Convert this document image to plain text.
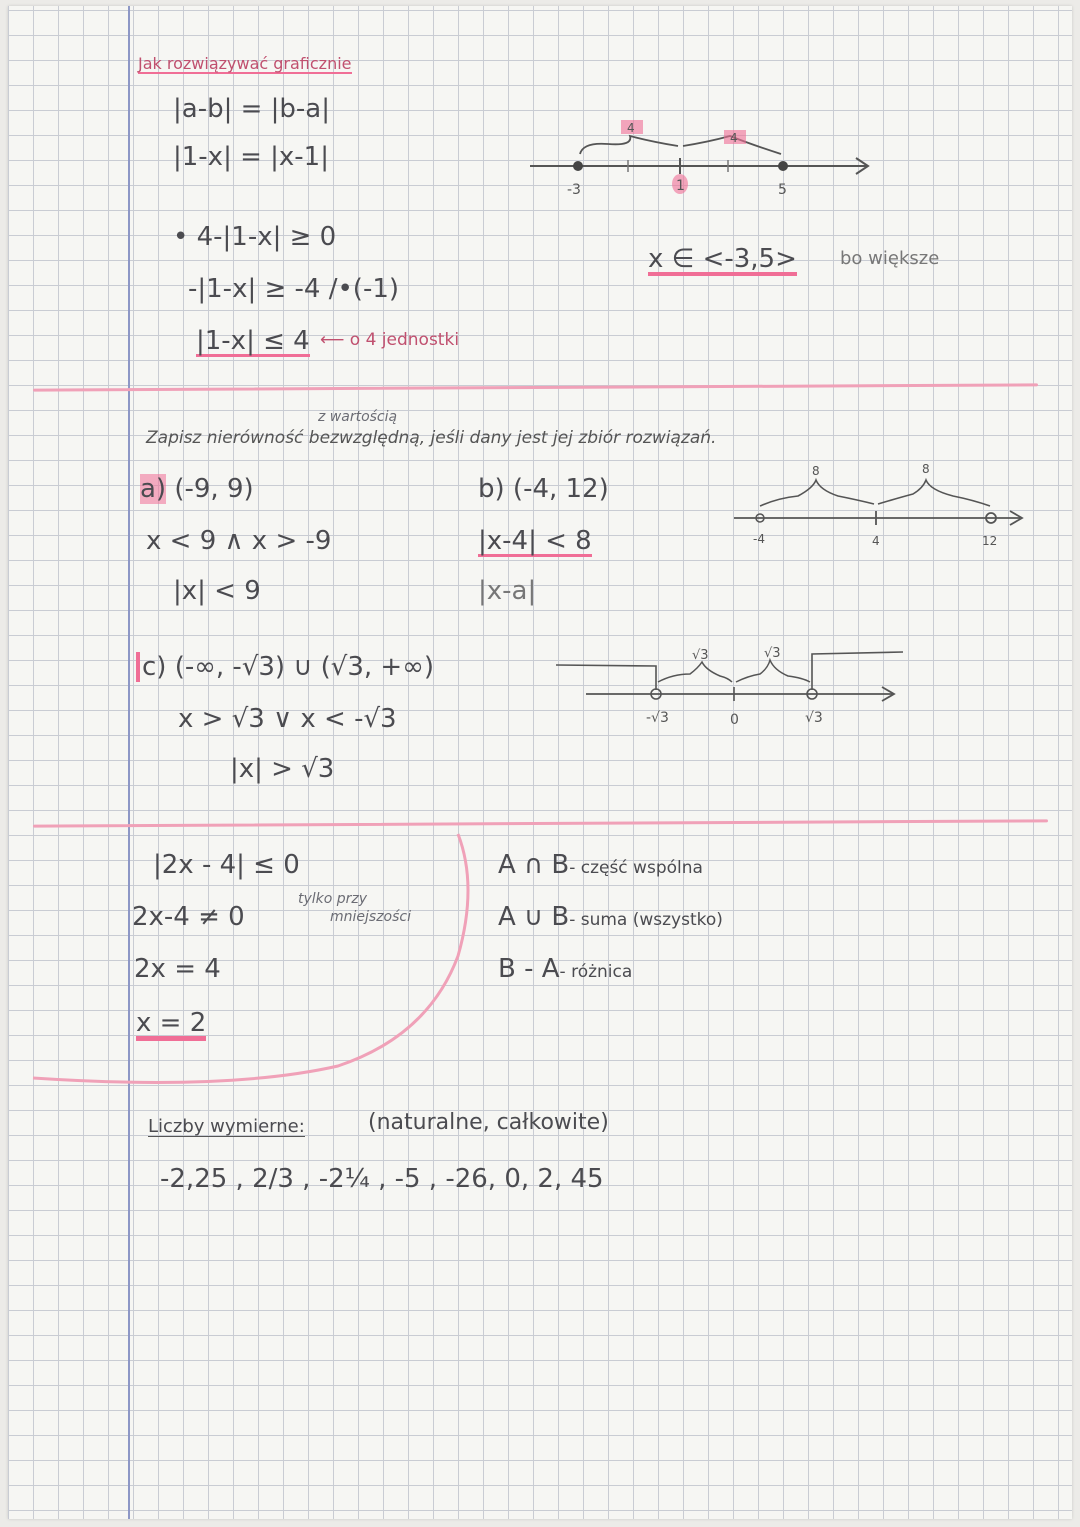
Jak rozwiązywać graficznie
|a-b| = |b-a|
|1-x| = |x-1|
• 4-|1-x| ≥ 0
-|1-x| ≥ -4 /•(-1)
|1-x| ≤ 4 ⟵ o 4 jednostki
-3	1	5
4
4
x ∈ <-3,5> bo większe
z wartością
Zapisz nierówność bezwzględną, jeśli dany jest jej zbiór rozwiązań.
a) (-9, 9)
x < 9 ∧ x > -9
|x| < 9
b) (-4, 12)
|x-4| < 8
|x-a|
-4	4	12
8	8
c) (-∞, -√3) ∪ (√3, +∞)
x > √3 ∨ x < -√3
|x| > √3
-√3	0	√3
√3	√3
|2x - 4| ≤ 0
tylko przy
mniejszości
2x-4 ≠ 0
2x = 4
x = 2
A ∩ B- część wspólna
A ∪ B- suma (wszystko)
B - A- różnica
Liczby wymierne:	(naturalne, całkowite)
-2,25 , 2/3 , -2¼ , -5 , -26, 0, 2, 45
